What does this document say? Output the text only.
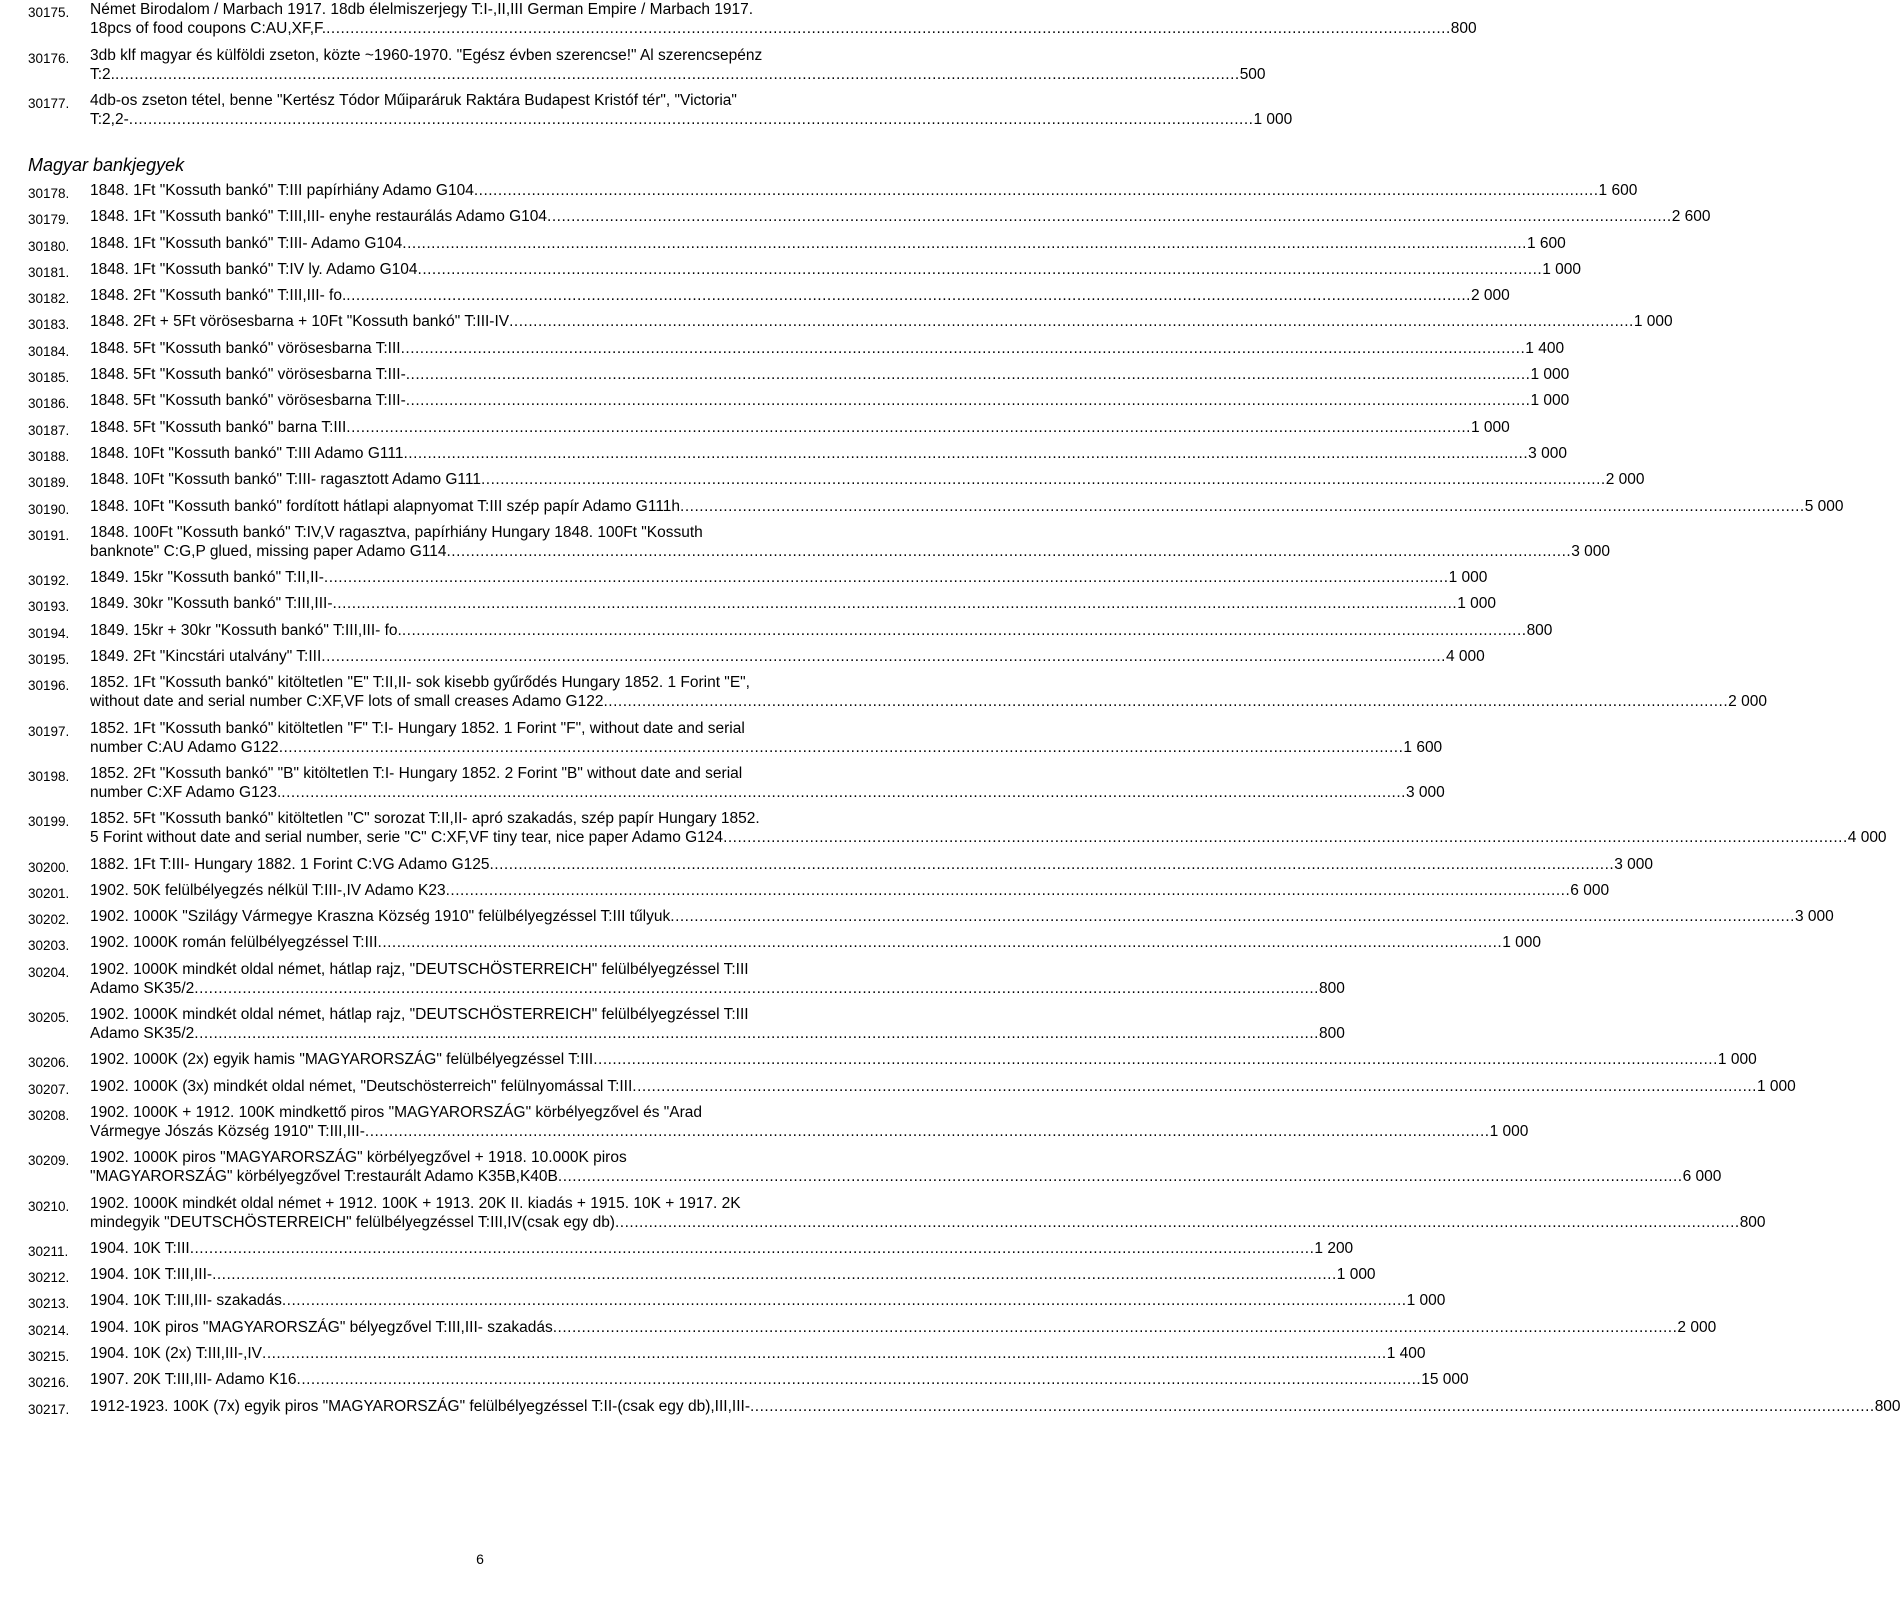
30175.	Német Birodalom / Marbach 1917. 18db élelmiszerjegy T:I-,II,III German Empire / Marbach 1917.
18pcs of food coupons C:AU,XF,F. .....	800
30176.	3db klf magyar és külföldi zseton, közte ~1960-1970. "Egész évben szerencse!" Al szerencsepénz
T:2. .....	500
30177.	4db-os zseton tétel, benne "Kertész Tódor Műiparáruk Raktára Budapest Kristóf tér", "Victoria"
T:2,2- .....	1 000
Magyar bankjegyek
30178.	1848. 1Ft "Kossuth bankó" T:III papírhiány Adamo G104 .....	1 600
30179.	1848. 1Ft "Kossuth bankó" T:III,III- enyhe restaurálás Adamo G104 .....	2 600
30180.	1848. 1Ft "Kossuth bankó" T:III- Adamo G104 .....	1 600
30181.	1848. 1Ft "Kossuth bankó" T:IV ly. Adamo G104 .....	1 000
30182.	1848. 2Ft "Kossuth bankó" T:III,III- fo. .....	2 000
30183.	1848. 2Ft + 5Ft vörösesbarna + 10Ft "Kossuth bankó" T:III-IV .....	1 000
30184.	1848. 5Ft "Kossuth bankó" vörösesbarna T:III .....	1 400
30185.	1848. 5Ft "Kossuth bankó" vörösesbarna T:III- .....	1 000
30186.	1848. 5Ft "Kossuth bankó" vörösesbarna T:III- .....	1 000
30187.	1848. 5Ft "Kossuth bankó" barna T:III .....	1 000
30188.	1848. 10Ft "Kossuth bankó" T:III Adamo G111 .....	3 000
30189.	1848. 10Ft "Kossuth bankó" T:III- ragasztott Adamo G111 .....	2 000
30190.	1848. 10Ft "Kossuth bankó" fordított hátlapi alapnyomat T:III szép papír Adamo G111h .....	5 000
30191.	1848. 100Ft "Kossuth bankó" T:IV,V ragasztva, papírhiány Hungary 1848. 100Ft "Kossuth
banknote" C:G,P glued, missing paper Adamo G114 .....	3 000
30192.	1849. 15kr "Kossuth bankó" T:II,II- .....	1 000
30193.	1849. 30kr "Kossuth bankó" T:III,III- .....	1 000
30194.	1849. 15kr + 30kr "Kossuth bankó" T:III,III- fo. .....	800
30195.	1849. 2Ft "Kincstári utalvány" T:III .....	4 000
30196.	1852. 1Ft "Kossuth bankó" kitöltetlen "E" T:II,II- sok kisebb gyűrődés Hungary 1852. 1 Forint "E",
without date and serial number C:XF,VF lots of small creases Adamo G122 .....	2 000
30197.	1852. 1Ft "Kossuth bankó" kitöltetlen "F" T:I- Hungary 1852. 1 Forint "F", without date and serial
number C:AU Adamo G122 .....	1 600
30198.	1852. 2Ft "Kossuth bankó" "B" kitöltetlen T:I- Hungary 1852. 2 Forint "B" without date and serial
number C:XF Adamo G123. .....	3 000
30199.	1852. 5Ft "Kossuth bankó" kitöltetlen "C" sorozat T:II,II- apró szakadás, szép papír Hungary 1852.
5 Forint without date and serial number, serie "C" C:XF,VF tiny tear, nice paper Adamo G124 .....	4 000
30200.	1882. 1Ft T:III- Hungary 1882. 1 Forint C:VG Adamo G125 .....	3 000
30201.	1902. 50K felülbélyegzés nélkül T:III-,IV Adamo K23 .....	6 000
30202.	1902. 1000K "Szilágy Vármegye Kraszna Község 1910" felülbélyegzéssel T:III tűlyuk .....	3 000
30203.	1902. 1000K román felülbélyegzéssel T:III .....	1 000
30204.	1902. 1000K mindkét oldal német, hátlap rajz, "DEUTSCHÖSTERREICH" felülbélyegzéssel T:III
Adamo SK35/2 .....	800
30205.	1902. 1000K mindkét oldal német, hátlap rajz, "DEUTSCHÖSTERREICH" felülbélyegzéssel T:III
Adamo SK35/2 .....	800
30206.	1902. 1000K (2x) egyik hamis "MAGYARORSZÁG" felülbélyegzéssel T:III .....	1 000
30207.	1902. 1000K (3x) mindkét oldal német, "Deutschösterreich" felülnyomással T:III .....	1 000
30208.	1902. 1000K + 1912. 100K mindkettő piros "MAGYARORSZÁG" körbélyegzővel és "Arad
Vármegye Jószás Község 1910" T:III,III- .....	1 000
30209.	1902. 1000K piros "MAGYARORSZÁG" körbélyegzővel + 1918. 10.000K piros
"MAGYARORSZÁG" körbélyegzővel T:restaurált Adamo K35B,K40B .....	6 000
30210.	1902. 1000K mindkét oldal német + 1912. 100K + 1913. 20K II. kiadás + 1915. 10K + 1917. 2K
mindegyik "DEUTSCHÖSTERREICH" felülbélyegzéssel T:III,IV(csak egy db) .....	800
30211.	1904. 10K T:III .....	1 200
30212.	1904. 10K T:III,III- .....	1 000
30213.	1904. 10K T:III,III- szakadás .....	1 000
30214.	1904. 10K piros "MAGYARORSZÁG" bélyegzővel T:III,III- szakadás .....	2 000
30215.	1904. 10K (2x) T:III,III-,IV .....	1 400
30216.	1907. 20K T:III,III- Adamo K16 .....	15 000
30217.	1912-1923. 100K (7x) egyik piros "MAGYARORSZÁG" felülbélyegzéssel T:II-(csak egy db),III,III- .....	800
6
